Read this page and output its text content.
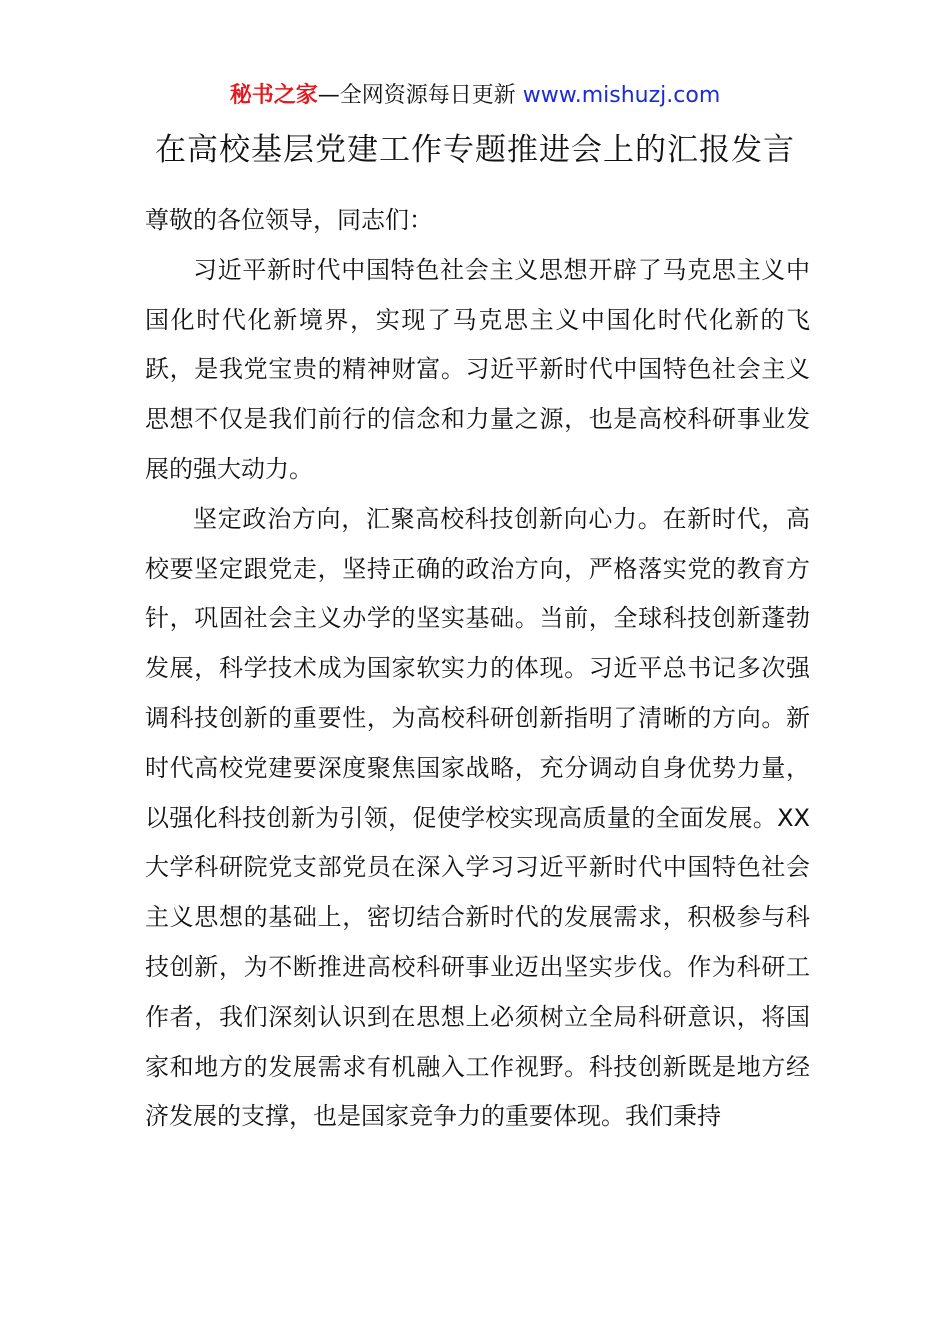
秘书之家—全网资源每日更新 www.mishuzj.com
在高校基层党建工作专题推进会上的汇报发言

尊敬的各位领导，同志们：

习近平新时代中国特色社会主义思想开辟了马克思主义中国化时代化新境界，实现了马克思主义中国化时代化新的飞跃，是我党宝贵的精神财富。习近平新时代中国特色社会主义思想不仅是我们前行的信念和力量之源，也是高校科研事业发展的强大动力。

坚定政治方向，汇聚高校科技创新向心力。在新时代，高校要坚定跟党走，坚持正确的政治方向，严格落实党的教育方针，巩固社会主义办学的坚实基础。当前，全球科技创新蓬勃发展，科学技术成为国家软实力的体现。习近平总书记多次强调科技创新的重要性，为高校科研创新指明了清晰的方向。新时代高校党建要深度聚焦国家战略，充分调动自身优势力量，以强化科技创新为引领，促使学校实现高质量的全面发展。XX大学科研院党支部党员在深入学习习近平新时代中国特色社会主义思想的基础上，密切结合新时代的发展需求，积极参与科技创新，为不断推进高校科研事业迈出坚实步伐。作为科研工作者，我们深刻认识到在思想上必须树立全局科研意识，将国家和地方的发展需求有机融入工作视野。科技创新既是地方经济发展的支撑，也是国家竞争力的重要体现。我们秉持
